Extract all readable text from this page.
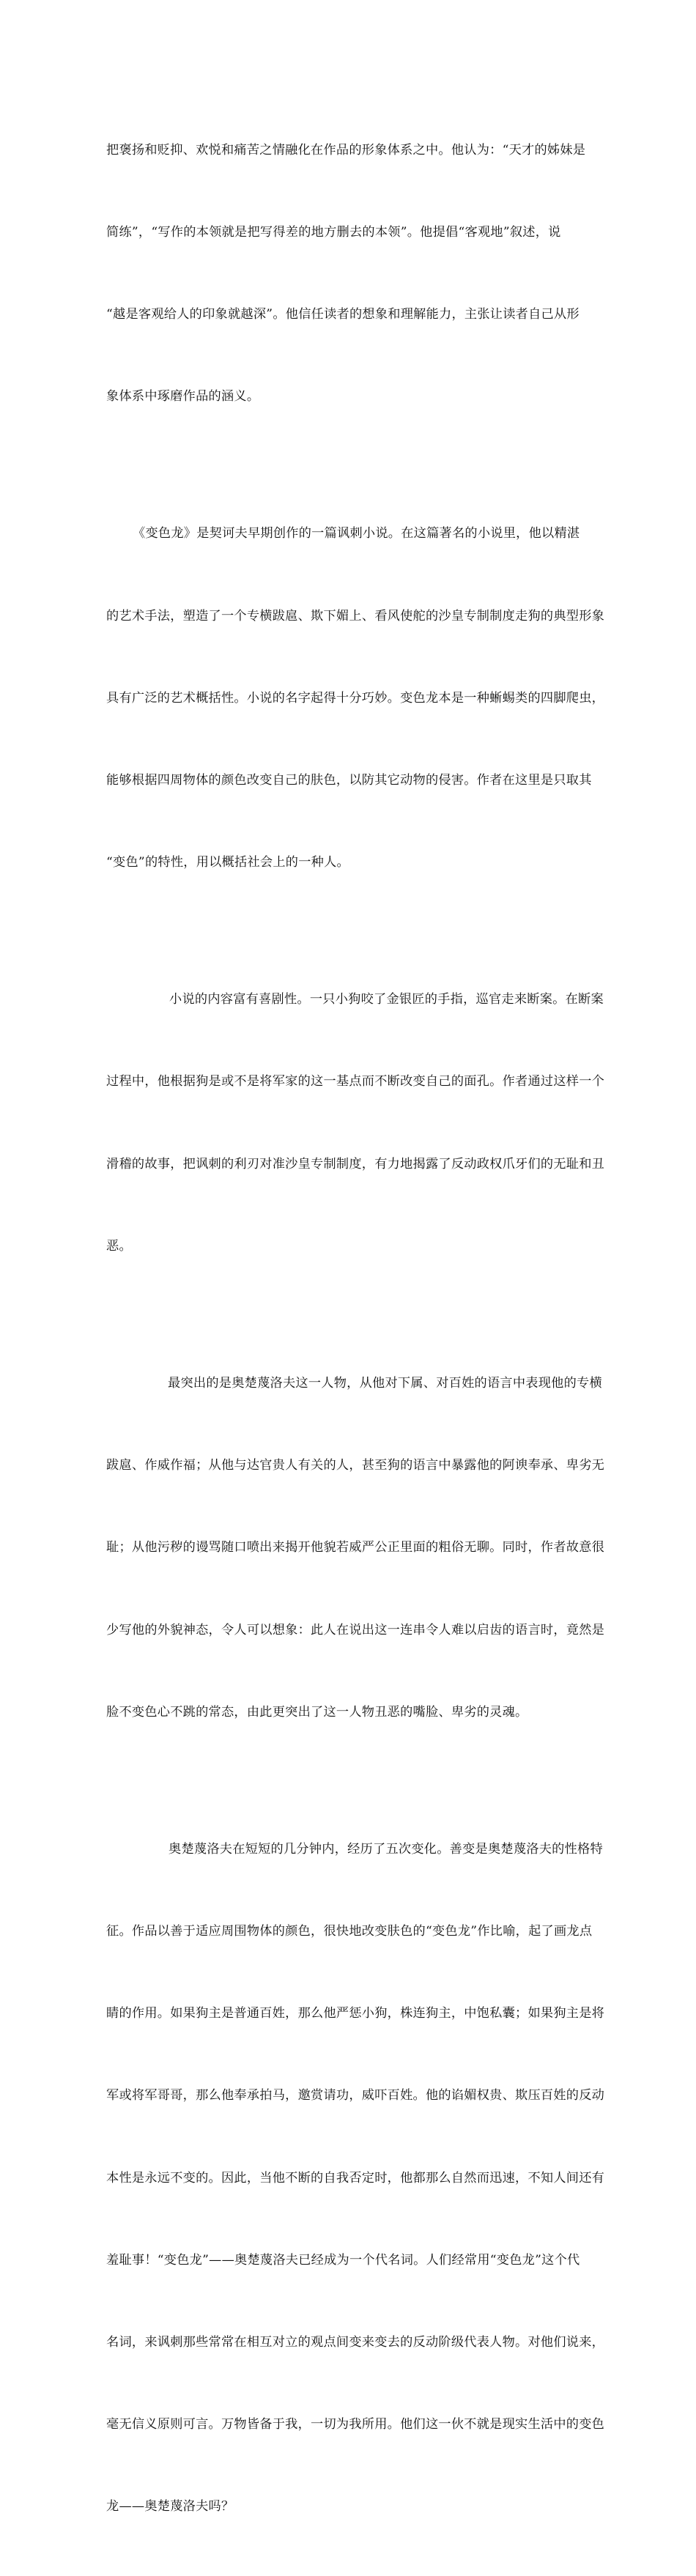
把褒扬和贬抑、欢悦和痛苦之情融化在作品的形象体系之中。他认为：“天才的姊妹是

简练”，“写作的本领就是把写得差的地方删去的本领”。他提倡“客观地”叙述，说

“越是客观给人的印象就越深”。他信任读者的想象和理解能力，主张让读者自己从形

象体系中琢磨作品的涵义。

《变色龙》是契诃夫早期创作的一篇讽刺小说。在这篇著名的小说里，他以精湛

的艺术手法，塑造了一个专横跋扈、欺下媚上、看风使舵的沙皇专制制度走狗的典型形象

具有广泛的艺术概括性。小说的名字起得十分巧妙。变色龙本是一种蜥蜴类的四脚爬虫，

能够根据四周物体的颜色改变自己的肤色，以防其它动物的侵害。作者在这里是只取其

“变色”的特性，用以概括社会上的一种人。

小说的内容富有喜剧性。一只小狗咬了金银匠的手指，巡官走来断案。在断案

过程中，他根据狗是或不是将军家的这一基点而不断改变自己的面孔。作者通过这样一个

滑稽的故事，把讽刺的利刃对准沙皇专制制度，有力地揭露了反动政权爪牙们的无耻和丑

恶。

最突出的是奥楚蔑洛夫这一人物，从他对下属、对百姓的语言中表现他的专横

跋扈、作威作福；从他与达官贵人有关的人，甚至狗的语言中暴露他的阿谀奉承、卑劣无

耻；从他污秽的谩骂随口喷出来揭开他貌若威严公正里面的粗俗无聊。同时，作者故意很

少写他的外貌神态，令人可以想象：此人在说出这一连串令人难以启齿的语言时，竟然是

脸不变色心不跳的常态，由此更突出了这一人物丑恶的嘴脸、卑劣的灵魂。

奥楚蔑洛夫在短短的几分钟内，经历了五次变化。善变是奥楚蔑洛夫的性格特

征。作品以善于适应周围物体的颜色，很快地改变肤色的“变色龙”作比喻，起了画龙点

睛的作用。如果狗主是普通百姓，那么他严惩小狗，株连狗主，中饱私囊；如果狗主是将

军或将军哥哥，那么他奉承拍马，邀赏请功，威吓百姓。他的谄媚权贵、欺压百姓的反动

本性是永远不变的。因此，当他不断的自我否定时，他都那么自然而迅速，不知人间还有

羞耻事！“变色龙”——奥楚蔑洛夫已经成为一个代名词。人们经常用“变色龙”这个代

名词，来讽刺那些常常在相互对立的观点间变来变去的反动阶级代表人物。对他们说来，

毫无信义原则可言。万物皆备于我，一切为我所用。他们这一伙不就是现实生活中的变色

龙——奥楚蔑洛夫吗？
